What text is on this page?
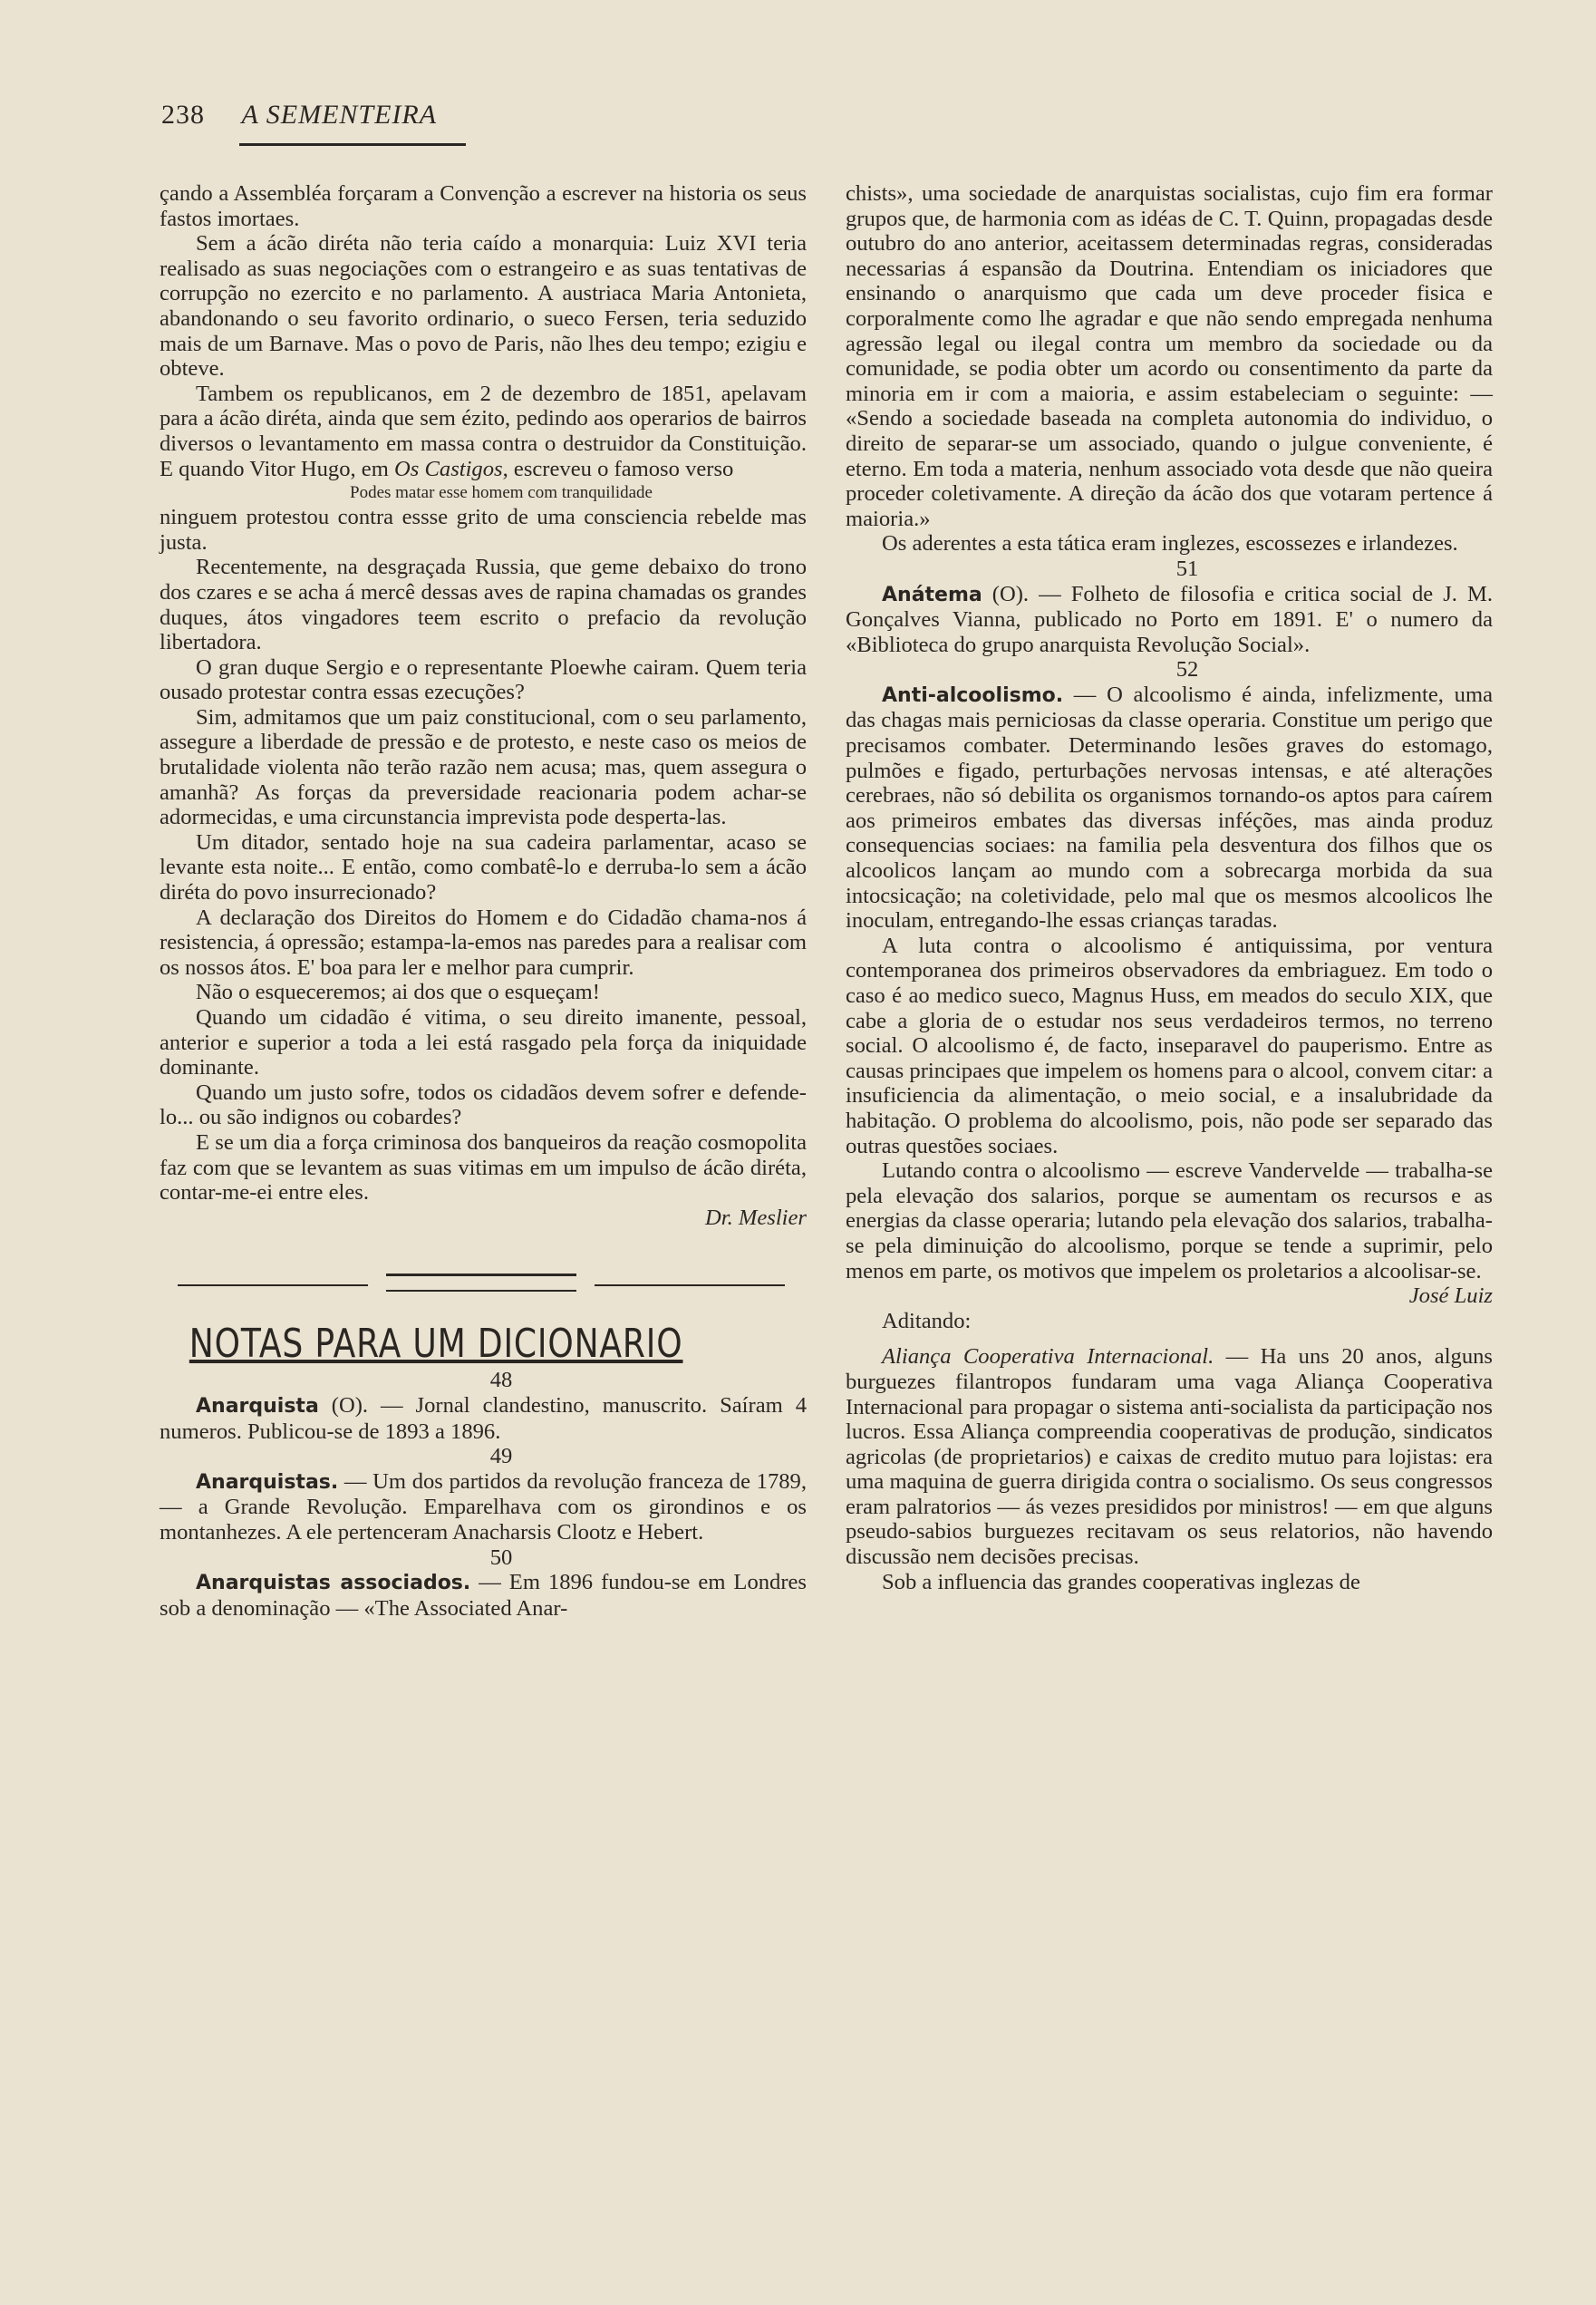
238 A SEMENTEIRA

çando a Assembléa forçaram a Convenção a escrever na historia os seus fastos imortaes.

Sem a ácão diréta não teria caído a monarquia: Luiz XVI teria realisado as suas negociações com o estrangeiro e as suas tentativas de corrupção no ezercito e no parlamento. A austriaca Maria Antonieta, abandonando o seu favorito ordinario, o sueco Fersen, teria seduzido mais de um Barnave. Mas o povo de Paris, não lhes deu tempo; ezigiu e obteve.

Tambem os republicanos, em 2 de dezembro de 1851, apelavam para a ácão diréta, ainda que sem ézito, pedindo aos operarios de bairros diversos o levantamento em massa contra o destruidor da Constituição. E quando Vitor Hugo, em Os Castigos, escreveu o famoso verso

Podes matar esse homem com tranquilidade

ninguem protestou contra essse grito de uma consciencia rebelde mas justa.

Recentemente, na desgraçada Russia, que geme debaixo do trono dos czares e se acha á mercê dessas aves de rapina chamadas os grandes duques, átos vingadores teem escrito o prefacio da revolução libertadora.

O gran duque Sergio e o representante Ploewhe cairam. Quem teria ousado protestar contra essas ezecuções?

Sim, admitamos que um paiz constitucional, com o seu parlamento, assegure a liberdade de pressão e de protesto, e neste caso os meios de brutalidade violenta não terão razão nem acusa; mas, quem assegura o amanhã? As forças da preversidade reacionaria podem achar-se adormecidas, e uma circunstancia imprevista pode desperta-las.

Um ditador, sentado hoje na sua cadeira parlamentar, acaso se levante esta noite... E então, como combatê-lo e derruba-lo sem a ácão diréta do povo insurrecionado?

A declaração dos Direitos do Homem e do Cidadão chama-nos á resistencia, á opressão; estampa-la-emos nas paredes para a realisar com os nossos átos. E' boa para ler e melhor para cumprir.

Não o esqueceremos; ai dos que o esqueçam!

Quando um cidadão é vitima, o seu direito imanente, pessoal, anterior e superior a toda a lei está rasgado pela força da iniquidade dominante.

Quando um justo sofre, todos os cidadãos devem sofrer e defende-lo... ou são indignos ou cobardes?

E se um dia a força criminosa dos banqueiros da reação cosmopolita faz com que se levantem as suas vitimas em um impulso de ácão diréta, contar-me-ei entre eles.

Dr. Meslier

NOTAS PARA UM DICIONARIO

48

Anarquista (O). — Jornal clandestino, manuscrito. Saíram 4 numeros. Publicou-se de 1893 a 1896.

49

Anarquistas. — Um dos partidos da revolução franceza de 1789, — a Grande Revolução. Emparelhava com os girondinos e os montanhezes. A ele pertenceram Anacharsis Clootz e Hebert.

50

Anarquistas associados. — Em 1896 fundou-se em Londres sob a denominação — «The Associated Anar-

chists», uma sociedade de anarquistas socialistas, cujo fim era formar grupos que, de harmonia com as idéas de C. T. Quinn, propagadas desde outubro do ano anterior, aceitassem determinadas regras, consideradas necessarias á espansão da Doutrina. Entendiam os iniciadores que ensinando o anarquismo que cada um deve proceder fisica e corporalmente como lhe agradar e que não sendo empregada nenhuma agressão legal ou ilegal contra um membro da sociedade ou da comunidade, se podia obter um acordo ou consentimento da parte da minoria em ir com a maioria, e assim estabeleciam o seguinte: — «Sendo a sociedade baseada na completa autonomia do individuo, o direito de separar-se um associado, quando o julgue conveniente, é eterno. Em toda a materia, nenhum associado vota desde que não queira proceder coletivamente. A direção da ácão dos que votaram pertence á maioria.»

Os aderentes a esta tática eram inglezes, escossezes e irlandezes.

51

Anátema (O). — Folheto de filosofia e critica social de J. M. Gonçalves Vianna, publicado no Porto em 1891. E' o numero da «Biblioteca do grupo anarquista Revolução Social».

52

Anti-alcoolismo. — O alcoolismo é ainda, infelizmente, uma das chagas mais perniciosas da classe operaria. Constitue um perigo que precisamos combater. Determinando lesões graves do estomago, pulmões e figado, perturbações nervosas intensas, e até alterações cerebraes, não só debilita os organismos tornando-os aptos para caírem aos primeiros embates das diversas inféções, mas ainda produz consequencias sociaes: na familia pela desventura dos filhos que os alcoolicos lançam ao mundo com a sobrecarga morbida da sua intocsicação; na coletividade, pelo mal que os mesmos alcoolicos lhe inoculam, entregando-lhe essas crianças taradas.

A luta contra o alcoolismo é antiquissima, por ventura contemporanea dos primeiros observadores da embriaguez. Em todo o caso é ao medico sueco, Magnus Huss, em meados do seculo XIX, que cabe a gloria de o estudar nos seus verdadeiros termos, no terreno social. O alcoolismo é, de facto, inseparavel do pauperismo. Entre as causas principaes que impelem os homens para o alcool, convem citar: a insuficiencia da alimentação, o meio social, e a insalubridade da habitação. O problema do alcoolismo, pois, não pode ser separado das outras questões sociaes.

Lutando contra o alcoolismo — escreve Vandervelde — trabalha-se pela elevação dos salarios, porque se aumentam os recursos e as energias da classe operaria; lutando pela elevação dos salarios, trabalha-se pela diminuição do alcoolismo, porque se tende a suprimir, pelo menos em parte, os motivos que impelem os proletarios a alcoolisar-se.

José Luiz

Aditando:

Aliança Cooperativa Internacional. — Ha uns 20 anos, alguns burguezes filantropos fundaram uma vaga Aliança Cooperativa Internacional para propagar o sistema anti-socialista da participação nos lucros. Essa Aliança compreendia cooperativas de produção, sindicatos agricolas (de proprietarios) e caixas de credito mutuo para lojistas: era uma maquina de guerra dirigida contra o socialismo. Os seus congressos eram palratorios — ás vezes presididos por ministros! — em que alguns pseudo-sabios burguezes recitavam os seus relatorios, não havendo discussão nem decisões precisas.

Sob a influencia das grandes cooperativas inglezas de
